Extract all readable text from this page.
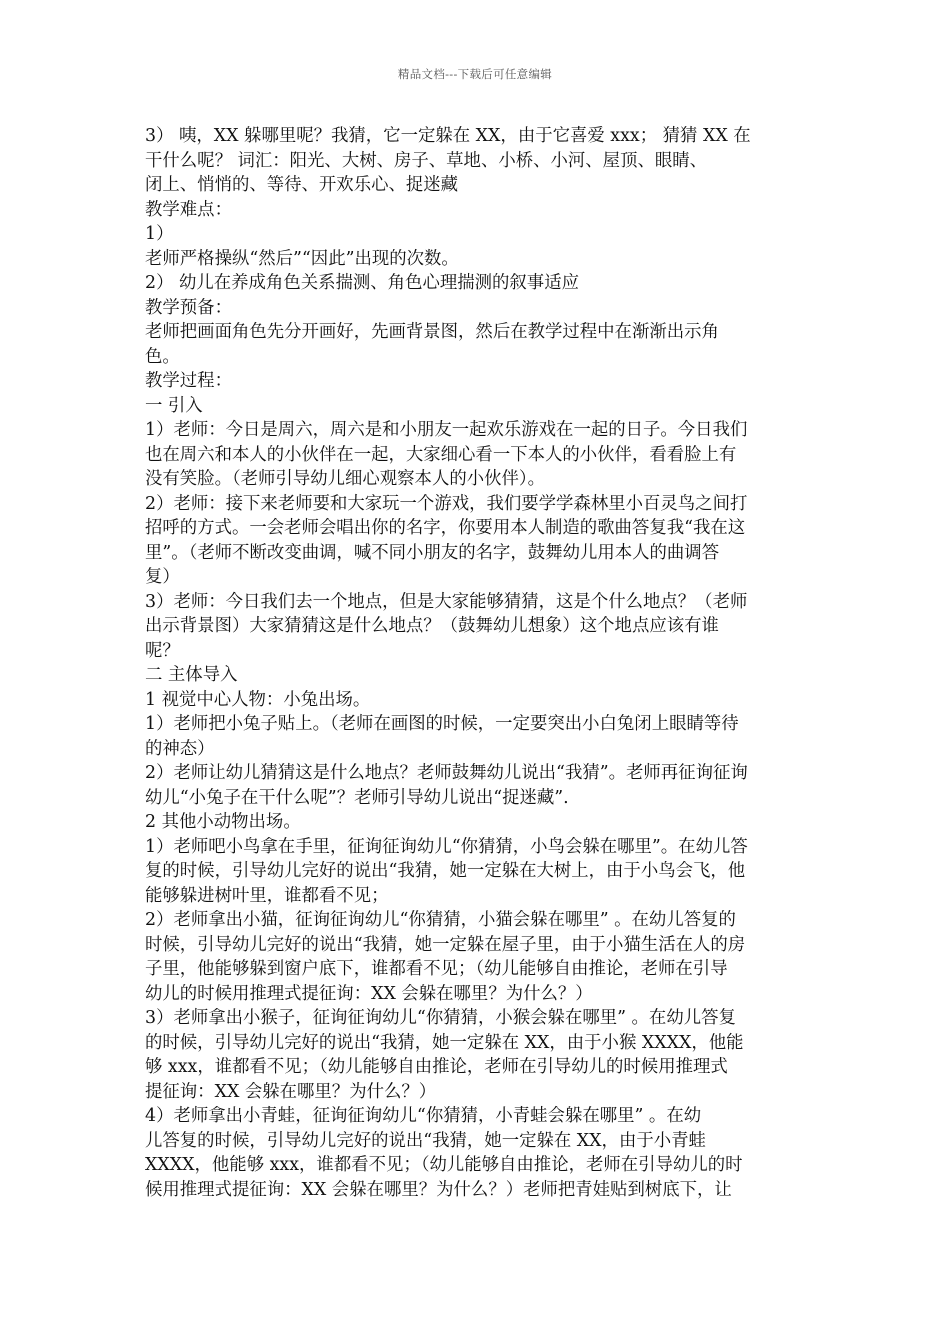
精品文档---下载后可任意编辑
3） 咦，XX 躲哪里呢？我猜，它一定躲在 XX，由于它喜爱 xxx； 猜猜 XX 在
干什么呢？ 词汇：阳光、大树、房子、草地、小桥、小河、屋顶、眼睛、
闭上、悄悄的、等待、开欢乐心、捉迷藏
教学难点：
1）
老师严格操纵“然后”“因此”出现的次数。
2） 幼儿在养成角色关系揣测、角色心理揣测的叙事适应
教学预备：
老师把画面角色先分开画好，先画背景图，然后在教学过程中在渐渐出示角
色。
教学过程：
一 引入
1）老师：今日是周六，周六是和小朋友一起欢乐游戏在一起的日子。今日我们
也在周六和本人的小伙伴在一起，大家细心看一下本人的小伙伴，看看脸上有
没有笑脸。（老师引导幼儿细心观察本人的小伙伴）。
2）老师：接下来老师要和大家玩一个游戏，我们要学学森林里小百灵鸟之间打
招呼的方式。一会老师会唱出你的名字，你要用本人制造的歌曲答复我“我在这
里”。（老师不断改变曲调，喊不同小朋友的名字，鼓舞幼儿用本人的曲调答
复）
3）老师：今日我们去一个地点，但是大家能够猜猜，这是个什么地点？（老师
出示背景图）大家猜猜这是什么地点？（鼓舞幼儿想象）这个地点应该有谁
呢？
二 主体导入
1 视觉中心人物：小兔出场。
1）老师把小兔子贴上。（老师在画图的时候，一定要突出小白兔闭上眼睛等待
的神态）
2）老师让幼儿猜猜这是什么地点？老师鼓舞幼儿说出“我猜”。老师再征询征询
幼儿“小兔子在干什么呢”？老师引导幼儿说出“捉迷藏”.
2 其他小动物出场。
1）老师吧小鸟拿在手里，征询征询幼儿“你猜猜，小鸟会躲在哪里”。在幼儿答
复的时候，引导幼儿完好的说出“我猜，她一定躲在大树上，由于小鸟会飞，他
能够躲进树叶里，谁都看不见；
2）老师拿出小猫，征询征询幼儿“你猜猜，小猫会躲在哪里” 。在幼儿答复的
时候，引导幼儿完好的说出“我猜，她一定躲在屋子里，由于小猫生活在人的房
子里，他能够躲到窗户底下，谁都看不见；（幼儿能够自由推论，老师在引导
幼儿的时候用推理式提征询：XX 会躲在哪里？为什么？）
3）老师拿出小猴子，征询征询幼儿“你猜猜，小猴会躲在哪里” 。在幼儿答复
的时候，引导幼儿完好的说出“我猜，她一定躲在 XX，由于小猴 XXXX，他能
够 xxx，谁都看不见；（幼儿能够自由推论，老师在引导幼儿的时候用推理式
提征询：XX 会躲在哪里？为什么？）
4）老师拿出小青蛙，征询征询幼儿“你猜猜，小青蛙会躲在哪里” 。在幼
儿答复的时候，引导幼儿完好的说出“我猜，她一定躲在 XX，由于小青蛙
XXXX，他能够 xxx，谁都看不见；（幼儿能够自由推论，老师在引导幼儿的时
候用推理式提征询：XX 会躲在哪里？为什么？）老师把青娃贴到树底下，让
